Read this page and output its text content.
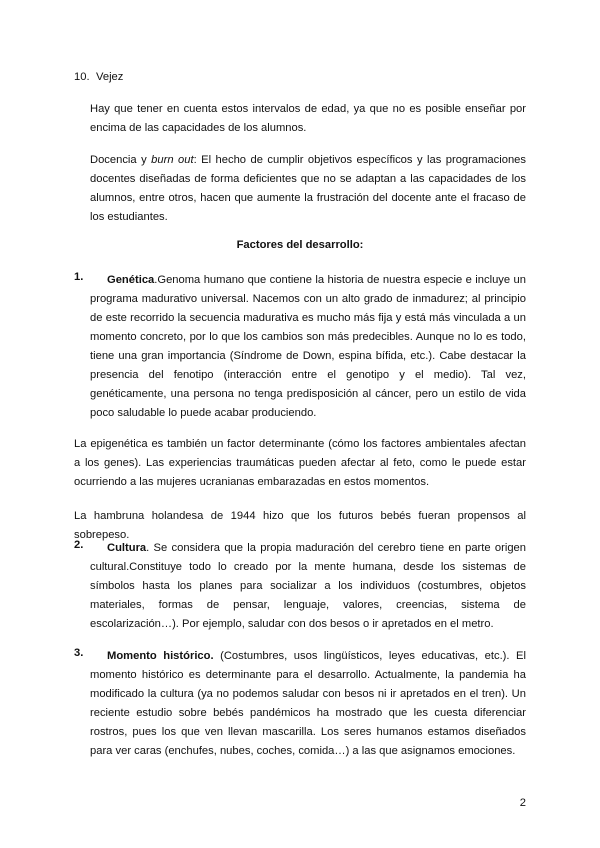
10. Vejez

Hay que tener en cuenta estos intervalos de edad, ya que no es posible enseñar por encima de las capacidades de los alumnos.

Docencia y burn out: El hecho de cumplir objetivos específicos y las programaciones docentes diseñadas de forma deficientes que no se adaptan a las capacidades de los alumnos, entre otros, hacen que aumente la frustración del docente ante el fracaso de los estudiantes.

Factores del desarrollo:
1.	Genética.Genoma humano que contiene la historia de nuestra especie e incluye un programa madurativo universal. Nacemos con un alto grado de inmadurez; al principio de este recorrido la secuencia madurativa es mucho más fija y está más vinculada a un momento concreto, por lo que los cambios son más predecibles. Aunque no lo es todo, tiene una gran importancia (Síndrome de Down, espina bífida, etc.). Cabe destacar la presencia del fenotipo (interacción entre el genotipo y el medio). Tal vez, genéticamente, una persona no tenga predisposición al cáncer, pero un estilo de vida poco saludable lo puede acabar produciendo.

La epigenética es también un factor determinante (cómo los factores ambientales afectan a los genes). Las experiencias traumáticas pueden afectar al feto, como le puede estar ocurriendo a las mujeres ucranianas embarazadas en estos momentos.

La hambruna holandesa de 1944 hizo que los futuros bebés fueran propensos al sobrepeso.

2.	Cultura. Se considera que la propia maduración del cerebro tiene en parte origen cultural.Constituye todo lo creado por la mente humana, desde los sistemas de símbolos hasta los planes para socializar a los individuos (costumbres, objetos materiales, formas de pensar, lenguaje, valores, creencias, sistema de escolarización…). Por ejemplo, saludar con dos besos o ir apretados en el metro.

3.	Momento histórico. (Costumbres, usos lingüísticos, leyes educativas, etc.). El momento histórico es determinante para el desarrollo. Actualmente, la pandemia ha modificado la cultura (ya no podemos saludar con besos ni ir apretados en el tren). Un reciente estudio sobre bebés pandémicos ha mostrado que les cuesta diferenciar rostros, pues los que ven llevan mascarilla. Los seres humanos estamos diseñados para ver caras (enchufes, nubes, coches, comida…) a las que asignamos emociones.

2
